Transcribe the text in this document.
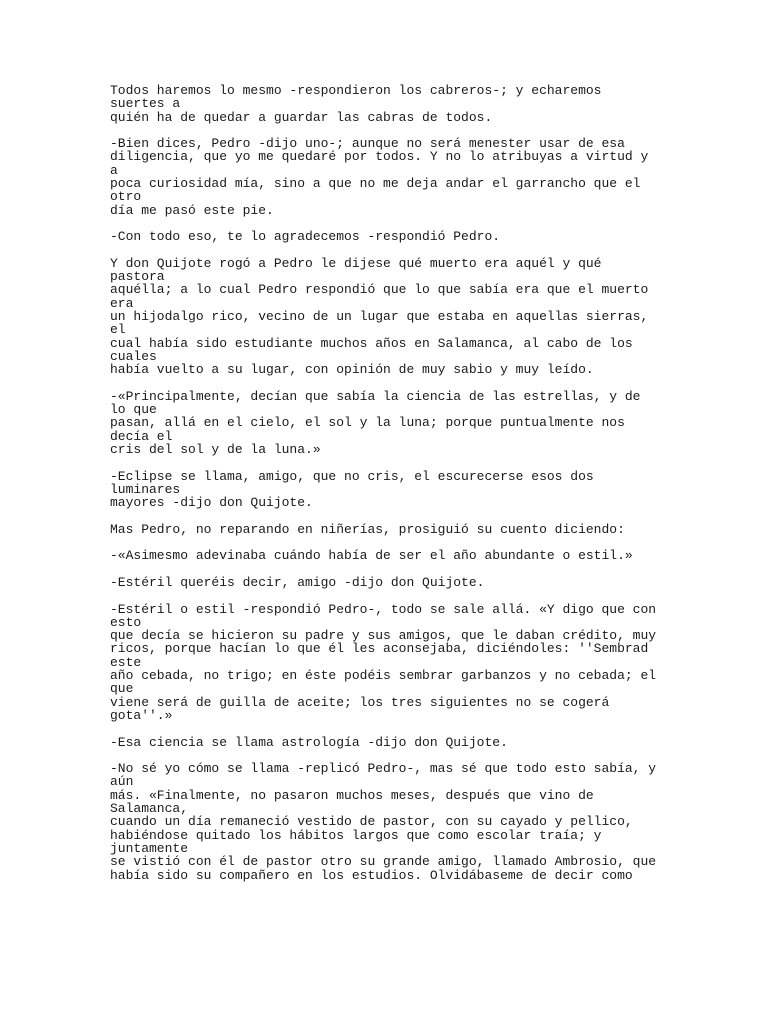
Todos haremos lo mesmo -respondieron los cabreros-; y echaremos
suertes a
quién ha de quedar a guardar las cabras de todos.
-Bien dices, Pedro -dijo uno-; aunque no será menester usar de esa
diligencia, que yo me quedaré por todos. Y no lo atribuyas a virtud y
a
poca curiosidad mía, sino a que no me deja andar el garrancho que el
otro
día me pasó este pie.
-Con todo eso, te lo agradecemos -respondió Pedro.
Y don Quijote rogó a Pedro le dijese qué muerto era aquél y qué
pastora
aquélla; a lo cual Pedro respondió que lo que sabía era que el muerto
era
un hijodalgo rico, vecino de un lugar que estaba en aquellas sierras,
el
cual había sido estudiante muchos años en Salamanca, al cabo de los
cuales
había vuelto a su lugar, con opinión de muy sabio y muy leído.
-«Principalmente, decían que sabía la ciencia de las estrellas, y de
lo que
pasan, allá en el cielo, el sol y la luna; porque puntualmente nos
decía el
cris del sol y de la luna.»
-Eclipse se llama, amigo, que no cris, el escurecerse esos dos
luminares
mayores -dijo don Quijote.
Mas Pedro, no reparando en niñerías, prosiguió su cuento diciendo:
-«Asimesmo adevinaba cuándo había de ser el año abundante o estil.»
-Estéril queréis decir, amigo -dijo don Quijote.
-Estéril o estil -respondió Pedro-, todo se sale allá. «Y digo que con
esto
que decía se hicieron su padre y sus amigos, que le daban crédito, muy
ricos, porque hacían lo que él les aconsejaba, diciéndoles: ''Sembrad
este
año cebada, no trigo; en éste podéis sembrar garbanzos y no cebada; el
que
viene será de guilla de aceite; los tres siguientes no se cogerá
gota''.»
-Esa ciencia se llama astrología -dijo don Quijote.
-No sé yo cómo se llama -replicó Pedro-, mas sé que todo esto sabía, y
aún
más. «Finalmente, no pasaron muchos meses, después que vino de
Salamanca,
cuando un día remaneció vestido de pastor, con su cayado y pellico,
habiéndose quitado los hábitos largos que como escolar traía; y
juntamente
se vistió con él de pastor otro su grande amigo, llamado Ambrosio, que
había sido su compañero en los estudios. Olvidábaseme de decir como
